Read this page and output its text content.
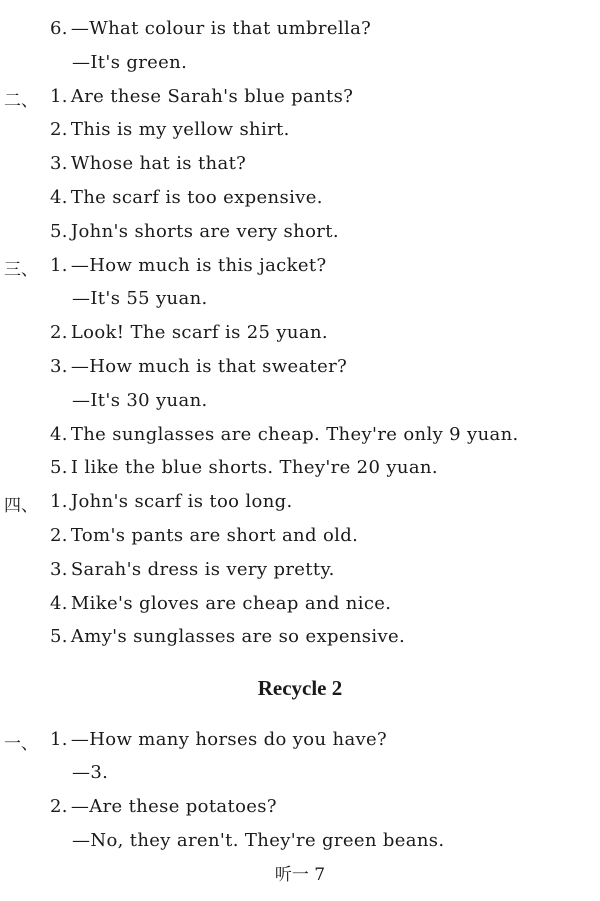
6. —What colour is that umbrella?
—It's green.
二、 1. Are these Sarah's blue pants?
2. This is my yellow shirt.
3. Whose hat is that?
4. The scarf is too expensive.
5. John's shorts are very short.
三、 1. —How much is this jacket?
—It's 55 yuan.
2. Look! The scarf is 25 yuan.
3. —How much is that sweater?
—It's 30 yuan.
4. The sunglasses are cheap. They're only 9 yuan.
5. I like the blue shorts. They're 20 yuan.
四、 1. John's scarf is too long.
2. Tom's pants are short and old.
3. Sarah's dress is very pretty.
4. Mike's gloves are cheap and nice.
5. Amy's sunglasses are so expensive.
Recycle 2
一、 1. —How many horses do you have?
—3.
2. —Are these potatoes?
—No, they aren't. They're green beans.
听一 7
